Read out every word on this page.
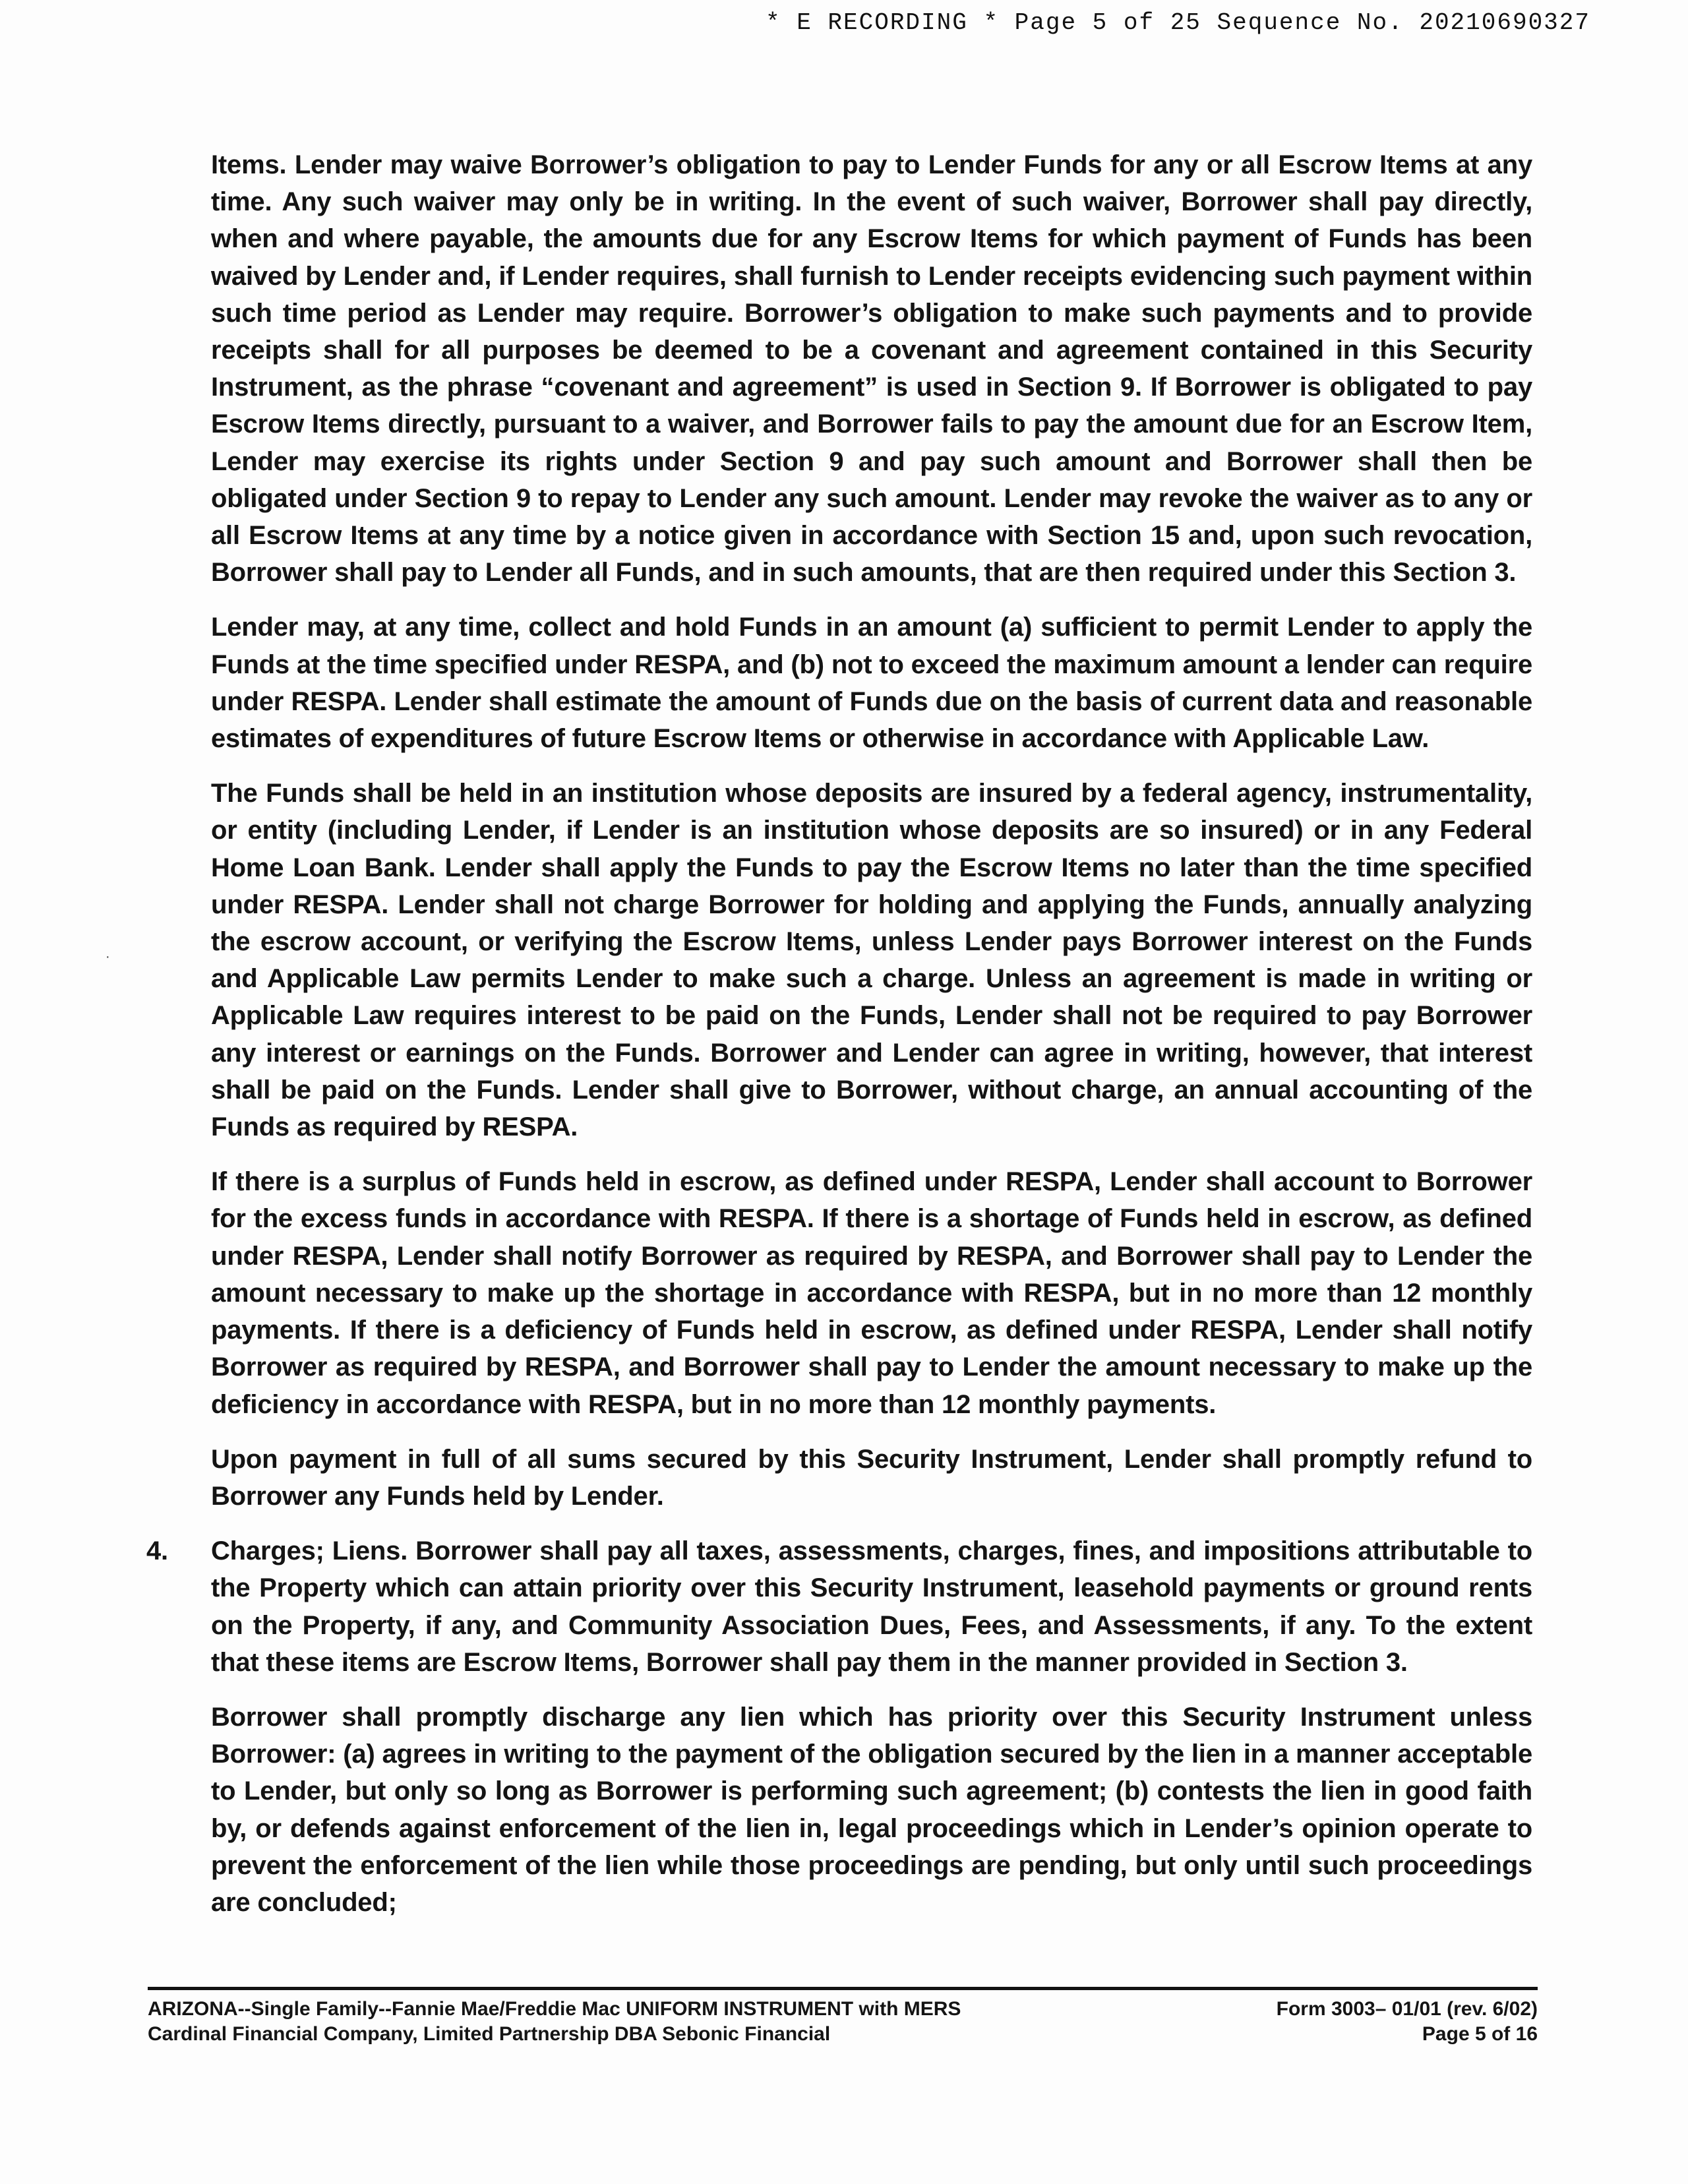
* E RECORDING * Page 5 of 25 Sequence No. 20210690327
·

Items. Lender may waive Borrower’s obligation to pay to Lender Funds for any or all Escrow Items at any time. Any such waiver may only be in writing. In the event of such waiver, Borrower shall pay directly, when and where payable, the amounts due for any Escrow Items for which payment of Funds has been waived by Lender and, if Lender requires, shall furnish to Lender receipts evidencing such payment within such time period as Lender may require. Borrower’s obligation to make such payments and to provide receipts shall for all purposes be deemed to be a covenant and agreement contained in this Security Instrument, as the phrase “covenant and agreement” is used in Section 9. If Borrower is obligated to pay Escrow Items directly, pursuant to a waiver, and Borrower fails to pay the amount due for an Escrow Item, Lender may exercise its rights under Section 9 and pay such amount and Borrower shall then be obligated under Section 9 to repay to Lender any such amount. Lender may revoke the waiver as to any or all Escrow Items at any time by a notice given in accordance with Section 15 and, upon such revocation, Borrower shall pay to Lender all Funds, and in such amounts, that are then required under this Section 3.

Lender may, at any time, collect and hold Funds in an amount (a) sufficient to permit Lender to apply the Funds at the time specified under RESPA, and (b) not to exceed the maximum amount a lender can require under RESPA. Lender shall estimate the amount of Funds due on the basis of current data and reasonable estimates of expenditures of future Escrow Items or otherwise in accordance with Applicable Law.

The Funds shall be held in an institution whose deposits are insured by a federal agency, instrumentality, or entity (including Lender, if Lender is an institution whose deposits are so insured) or in any Federal Home Loan Bank. Lender shall apply the Funds to pay the Escrow Items no later than the time specified under RESPA. Lender shall not charge Borrower for holding and applying the Funds, annually analyzing the escrow account, or verifying the Escrow Items, unless Lender pays Borrower interest on the Funds and Applicable Law permits Lender to make such a charge. Unless an agreement is made in writing or Applicable Law requires interest to be paid on the Funds, Lender shall not be required to pay Borrower any interest or earnings on the Funds. Borrower and Lender can agree in writing, however, that interest shall be paid on the Funds. Lender shall give to Borrower, without charge, an annual accounting of the Funds as required by RESPA.

If there is a surplus of Funds held in escrow, as defined under RESPA, Lender shall account to Borrower for the excess funds in accordance with RESPA. If there is a shortage of Funds held in escrow, as defined under RESPA, Lender shall notify Borrower as required by RESPA, and Borrower shall pay to Lender the amount necessary to make up the shortage in accordance with RESPA, but in no more than 12 monthly payments. If there is a deficiency of Funds held in escrow, as defined under RESPA, Lender shall notify Borrower as required by RESPA, and Borrower shall pay to Lender the amount necessary to make up the deficiency in accordance with RESPA, but in no more than 12 monthly payments.

Upon payment in full of all sums secured by this Security Instrument, Lender shall promptly refund to Borrower any Funds held by Lender.

4. Charges; Liens. Borrower shall pay all taxes, assessments, charges, fines, and impositions attributable to the Property which can attain priority over this Security Instrument, leasehold payments or ground rents on the Property, if any, and Community Association Dues, Fees, and Assessments, if any. To the extent that these items are Escrow Items, Borrower shall pay them in the manner provided in Section 3.

Borrower shall promptly discharge any lien which has priority over this Security Instrument unless Borrower: (a) agrees in writing to the payment of the obligation secured by the lien in a manner acceptable to Lender, but only so long as Borrower is performing such agreement; (b) contests the lien in good faith by, or defends against enforcement of the lien in, legal proceedings which in Lender’s opinion operate to prevent the enforcement of the lien while those proceedings are pending, but only until such proceedings are concluded;

ARIZONA--Single Family--Fannie Mae/Freddie Mac UNIFORM INSTRUMENT with MERS
Cardinal Financial Company, Limited Partnership DBA Sebonic Financial
Form 3003– 01/01 (rev. 6/02)
Page 5 of 16
